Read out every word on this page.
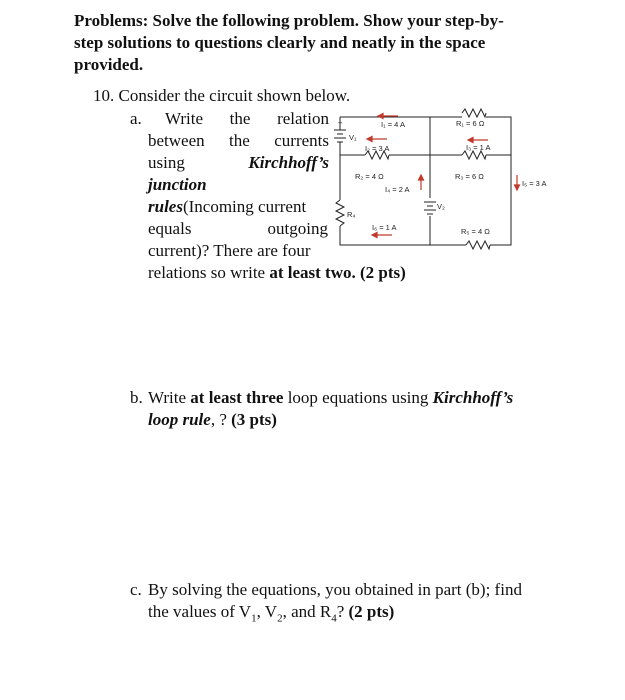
Problems: Solve the following problem. Show your step-by-
step solutions to questions clearly and neatly in the space
provided.
10. Consider the circuit shown below.
a. Write the relation
between the currents
using	Kirchhoff’s
junction
rules(Incoming current
equals	outgoing
current)? There are four
relations so write at least two. (2 pts)
+
V₁
R₄
R₂ = 4 Ω
V₂
R₁ = 6 Ω
R₃ = 6 Ω
R₅ = 4 Ω
I₁ = 4 A
I₂ = 3 A
I₄ = 2 A
I₆ = 1 A
I₃ = 1 A
I₅ = 3 A
b. Write at least three loop equations using Kirchhoff’s
loop rule, ? (3 pts)
c. By solving the equations, you obtained in part (b); find
the values of $V_1$, $V_2$, and $R_4$? (2 pts)
